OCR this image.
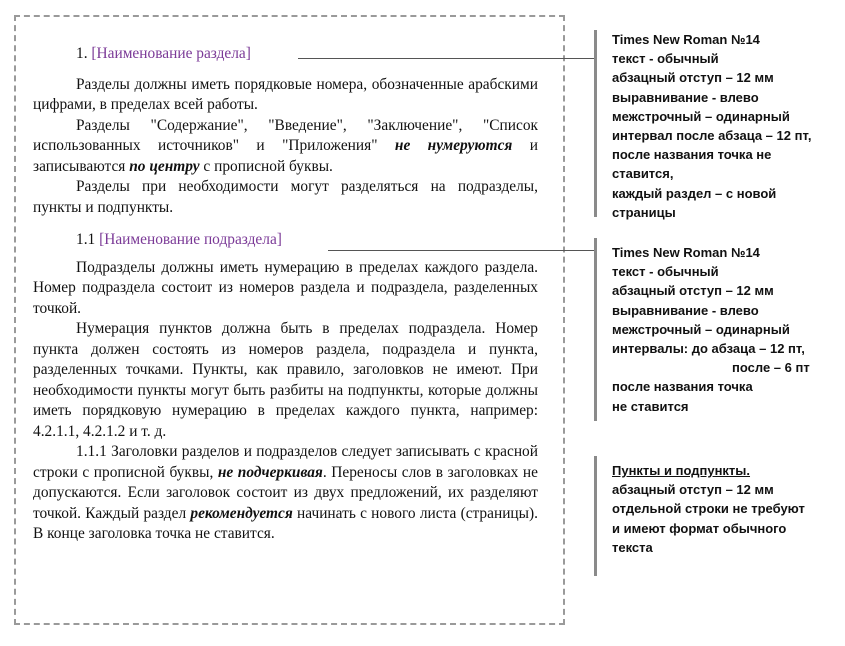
1. [Наименование раздела]

Разделы должны иметь порядковые номера, обозначенные арабскими цифрами, в пределах всей работы.

Разделы "Содержание", "Введение", "Заключение", "Список использованных источников" и "Приложения" не нумеруются и записываются по центру с прописной буквы.

Разделы при необходимости могут разделяться на подразделы, пункты и подпункты.

1.1 [Наименование подраздела]

Подразделы должны иметь нумерацию в пределах каждого раздела. Номер подраздела состоит из номеров раздела и подраздела, разделенных точкой.

Нумерация пунктов должна быть в пределах подраздела. Номер пункта должен состоять из номеров раздела, подраздела и пункта, разделенных точками. Пункты, как правило, заголовков не имеют. При необходимости пункты могут быть разбиты на подпункты, которые должны иметь порядковую нумерацию в пределах каждого пункта, например: 4.2.1.1, 4.2.1.2 и т. д.

1.1.1 Заголовки разделов и подразделов следует записывать с красной строки с прописной буквы, не подчеркивая. Переносы слов в заголовках не допускаются. Если заголовок состоит из двух предложений, их разделяют точкой. Каждый раздел рекомендуется начинать с нового листа (страницы). В конце заголовка точка не ставится.

Times New Roman №14
текст - обычный
абзацный отступ – 12 мм
выравнивание - влево
межстрочный – одинарный
интервал после абзаца – 12 пт,
после названия точка не
ставится,
каждый раздел – с новой
страницы
Times New Roman №14
текст - обычный
абзацный отступ – 12 мм
выравнивание - влево
межстрочный – одинарный
интервалы: до абзаца – 12 пт,
после – 6 пт
после названия точка
не ставится
Пункты и подпункты.
абзацный отступ – 12 мм
отдельной строки не требуют
и имеют формат обычного
текста
